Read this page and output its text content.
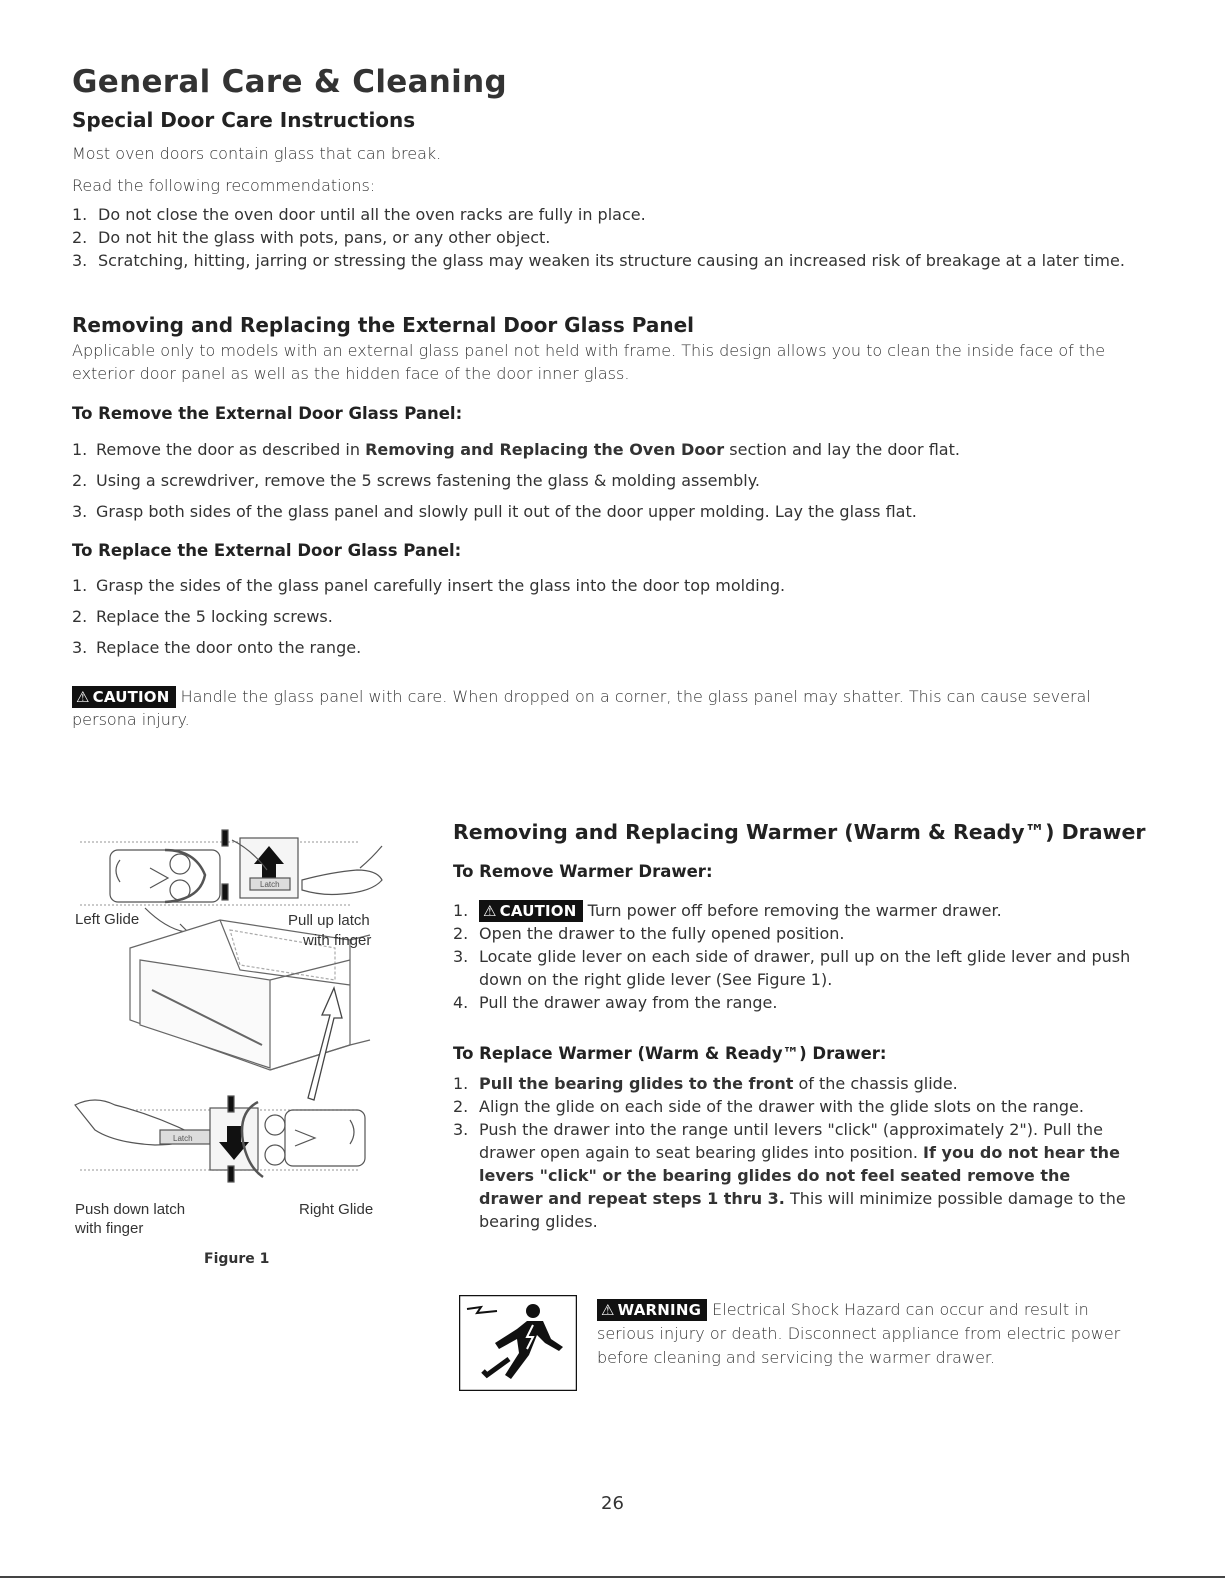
General Care & Cleaning
Special Door Care Instructions

Most oven doors contain glass that can break.

Read the following recommendations:

1. Do not close the oven door until all the oven racks are fully in place.
2. Do not hit the glass with pots, pans, or any other object.
3. Scratching, hitting, jarring or stressing the glass may weaken its structure causing an increased risk of breakage at a later time.
Removing and Replacing the External Door Glass Panel

Applicable only to models with an external glass panel not held with frame. This design allows you to clean the inside face of the exterior door panel as well as the hidden face of the door inner glass.

To Remove the External Door Glass Panel:
1. Remove the door as described in Removing and Replacing the Oven Door section and lay the door flat.
2. Using a screwdriver, remove the 5 screws fastening the glass & molding assembly.
3. Grasp both sides of the glass panel and slowly pull it out of the door upper molding. Lay the glass flat.
To Replace the External Door Glass Panel:
1. Grasp the sides of the glass panel carefully insert the glass into the door top molding.
2. Replace the 5 locking screws.
3. Replace the door onto the range.

⚠ CAUTION Handle the glass panel with care. When dropped on a corner, the glass panel may shatter. This can cause several persona injury.

Latch
Latch
Left Glide	Pull up latch
with finger
Push down latch
with finger
Right Glide
Figure 1
Removing and Replacing Warmer (Warm & Ready™) Drawer
To Remove Warmer Drawer:
1. ⚠ CAUTION Turn power off before removing the warmer drawer.
2. Open the drawer to the fully opened position.
3. Locate glide lever on each side of drawer, pull up on the left glide lever and push down on the right glide lever (See Figure 1).
4. Pull the drawer away from the range.
To Replace Warmer (Warm & Ready™) Drawer:
1. Pull the bearing glides to the front of the chassis glide.
2. Align the glide on each side of the drawer with the glide slots on the range.
3. Push the drawer into the range until levers "click" (approximately 2"). Pull the drawer open again to seat bearing glides into position. If you do not hear the levers "click" or the bearing glides do not feel seated remove the drawer and repeat steps 1 thru 3. This will minimize possible damage to the bearing glides.

⚠ WARNING Electrical Shock Hazard can occur and result in serious injury or death. Disconnect appliance from electric power before cleaning and servicing the warmer drawer.

26
